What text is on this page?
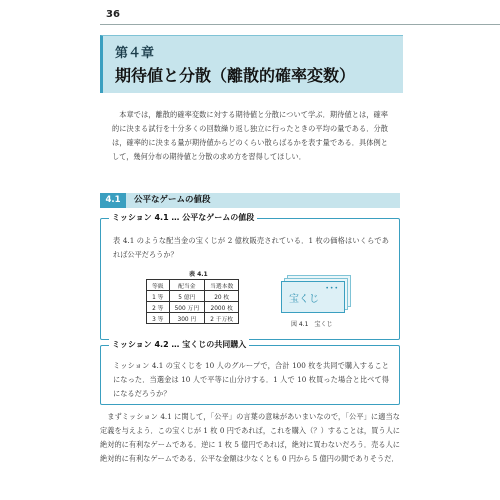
36
第４章
期待値と分散（離散的確率変数）
本章では，離散的確率変数に対する期待値と分散について学ぶ．期待値とは，確率的に決まる試行を十分多くの回数繰り返し独立に行ったときの平均の量である．分散は，確率的に決まる量が期待値からどのくらい散らばるかを表す量である．具体例として，幾何分布の期待値と分散の求め方を習得してほしい．
4.1	公平なゲームの値段
ミッション 4.1 … 公平なゲームの値段
表 4.1 のような配当金の宝くじが 2 億枚販売されている．1 枚の価格はいくらであれば公平だろうか？
表 4.1
等級	配当金	当選本数
1 等	5 億円	20 枚
2 等	500 万円	2000 枚
3 等	300 円	2 千万枚
•••
宝くじ
図 4.1　宝くじ
ミッション 4.2 … 宝くじの共同購入
ミッション 4.1 の宝くじを 10 人のグループで，合計 100 枚を共同で購入することになった．当選金は 10 人で平等に山分けする．1 人で 10 枚買った場合と比べて得になるだろうか？
まずミッション 4.1 に関して，「公平」の言葉の意味があいまいなので，「公平」に適当な定義を与えよう．この宝くじが 1 枚 0 円であれば，これを購入（？）することは，買う人に絶対的に有利なゲームである．逆に 1 枚 5 億円であれば，絶対に買わないだろう．売る人に絶対的に有利なゲームである．公平な金額は少なくとも 0 円から 5 億円の間でありそうだ．
